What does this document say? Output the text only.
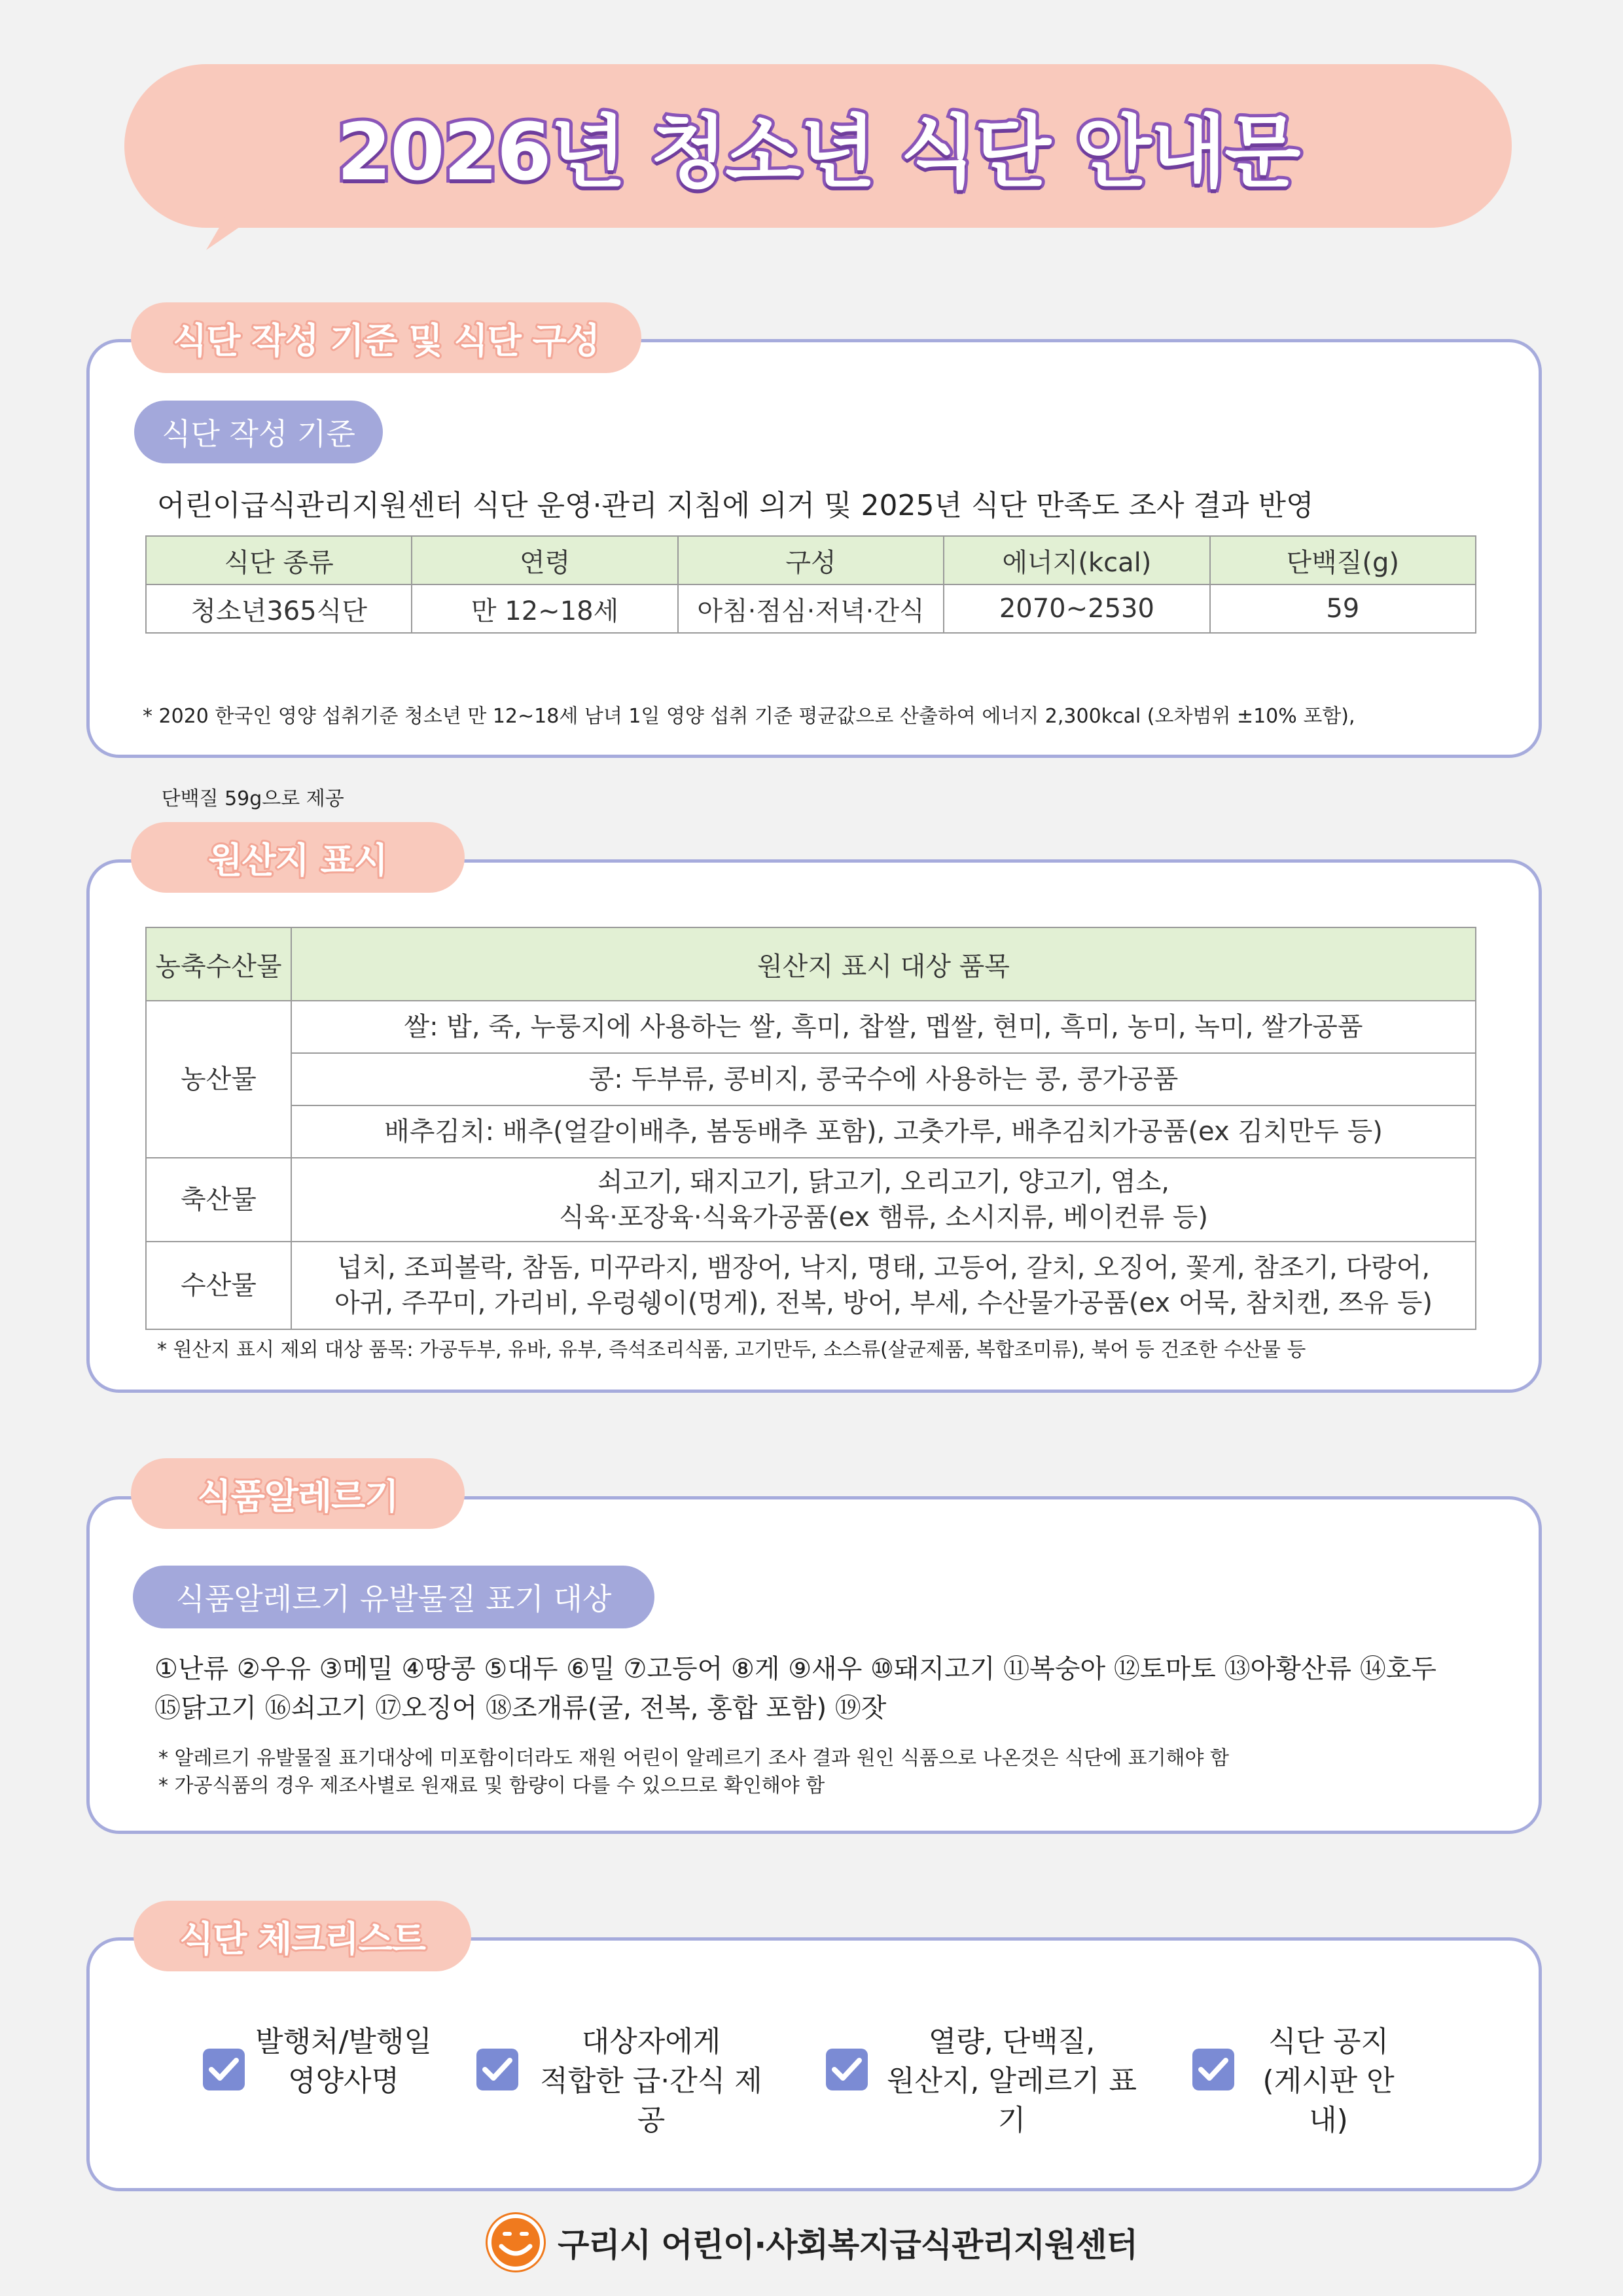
2026년 청소년 식단 안내문
식단 작성 기준 및 식단 구성
식단 작성 기준
어린이급식관리지원센터 식단 운영·관리 지침에 의거 및 2025년 식단 만족도 조사 결과 반영
식단 종류	연령	구성	에너지(kcal)	단백질(g)
청소년365식단	만 12~18세	아침·점심·저녁·간식	2070~2530	59

* 2020 한국인 영양 섭취기준 청소년 만 12~18세 남녀 1일 영양 섭취 기준 평균값으로 산출하여 에너지 2,300kcal (오차범위 ±10% 포함),

단백질 59g으로 제공

원산지 표시
농축수산물	원산지 표시 대상 품목
농산물	쌀: 밥, 죽, 누룽지에 사용하는 쌀, 흑미, 찹쌀, 멥쌀, 현미, 흑미, 농미, 녹미, 쌀가공품
	콩: 두부류, 콩비지, 콩국수에 사용하는 콩, 콩가공품
	배추김치: 배추(얼갈이배추, 봄동배추 포함), 고춧가루, 배추김치가공품(ex 김치만두 등)
축산물	쇠고기, 돼지고기, 닭고기, 오리고기, 양고기, 염소,
식육·포장육·식육가공품(ex 햄류, 소시지류, 베이컨류 등)

수산물	넙치, 조피볼락, 참돔, 미꾸라지, 뱀장어, 낙지, 명태, 고등어, 갈치, 오징어, 꽃게, 참조기, 다랑어,
아귀, 주꾸미, 가리비, 우렁쉥이(멍게), 전복, 방어, 부세, 수산물가공품(ex 어묵, 참치캔, 쯔유 등)
* 원산지 표시 제외 대상 품목: 가공두부, 유바, 유부, 즉석조리식품, 고기만두, 소스류(살균제품, 복합조미류), 북어 등 건조한 수산물 등
식품알레르기
식품알레르기 유발물질 표기 대상
①난류 ②우유 ③메밀 ④땅콩 ⑤대두 ⑥밀 ⑦고등어 ⑧게 ⑨새우 ⑩돼지고기 ⑪복숭아 ⑫토마토 ⑬아황산류 ⑭호두
⑮닭고기 ⑯쇠고기 ⑰오징어 ⑱조개류(굴, 전복, 홍합 포함) ⑲잣
* 알레르기 유발물질 표기대상에 미포함이더라도 재원 어린이 알레르기 조사 결과 원인 식품으로 나온것은 식단에 표기해야 함
* 가공식품의 경우 제조사별로 원재료 및 함량이 다를 수 있으므로 확인해야 함
식단 체크리스트
발행처/발행일
영양사명
대상자에게
적합한 급·간식 제공
열량, 단백질,
원산지, 알레르기 표기
식단 공지
(게시판 안내)
구리시 어린이·사회복지급식관리지원센터
